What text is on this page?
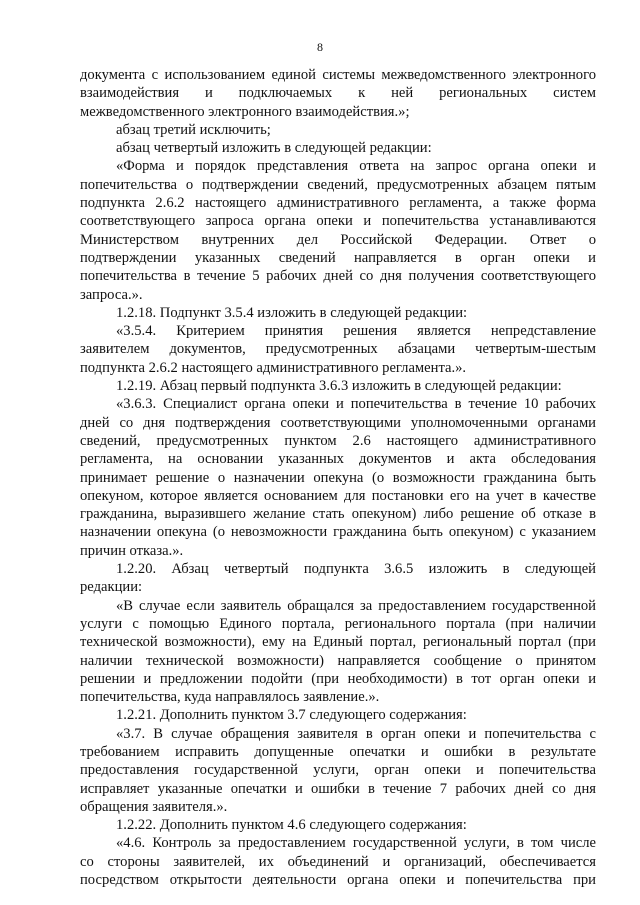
8
документа с использованием единой системы межведомственного электронного
взаимодействия и подключаемых к ней региональных систем
межведомственного электронного взаимодействия.»;
абзац третий исключить;
абзац четвертый изложить в следующей редакции:
«Форма и порядок представления ответа на запрос органа опеки и
попечительства о подтверждении сведений, предусмотренных абзацем пятым
подпункта 2.6.2 настоящего административного регламента, а также форма
соответствующего запроса органа опеки и попечительства устанавливаются
Министерством внутренних дел Российской Федерации. Ответ о
подтверждении указанных сведений направляется в орган опеки и
попечительства в течение 5 рабочих дней со дня получения соответствующего
запроса.».
1.2.18. Подпункт 3.5.4 изложить в следующей редакции:
«3.5.4. Критерием принятия решения является непредставление
заявителем документов, предусмотренных абзацами четвертым-шестым
подпункта 2.6.2 настоящего административного регламента.».
1.2.19. Абзац первый подпункта 3.6.3 изложить в следующей редакции:
«3.6.3. Специалист органа опеки и попечительства в течение 10 рабочих
дней со дня подтверждения соответствующими уполномоченными органами
сведений, предусмотренных пунктом 2.6 настоящего административного
регламента, на основании указанных документов и акта обследования
принимает решение о назначении опекуна (о возможности гражданина быть
опекуном, которое является основанием для постановки его на учет в качестве
гражданина, выразившего желание стать опекуном) либо решение об отказе в
назначении опекуна (о невозможности гражданина быть опекуном) с указанием
причин отказа.».
1.2.20. Абзац четвертый подпункта 3.6.5 изложить в следующей
редакции:
«В случае если заявитель обращался за предоставлением государственной
услуги с помощью Единого портала, регионального портала (при наличии
технической возможности), ему на Единый портал, региональный портал (при
наличии технической возможности) направляется сообщение о принятом
решении и предложении подойти (при необходимости) в тот орган опеки и
попечительства, куда направлялось заявление.».
1.2.21. Дополнить пунктом 3.7 следующего содержания:
«3.7. В случае обращения заявителя в орган опеки и попечительства с
требованием исправить допущенные опечатки и ошибки в результате
предоставления государственной услуги, орган опеки и попечительства
исправляет указанные опечатки и ошибки в течение 7 рабочих дней со дня
обращения заявителя.».
1.2.22. Дополнить пунктом 4.6 следующего содержания:
«4.6. Контроль за предоставлением государственной услуги, в том числе
со стороны заявителей, их объединений и организаций, обеспечивается
посредством открытости деятельности органа опеки и попечительства при
